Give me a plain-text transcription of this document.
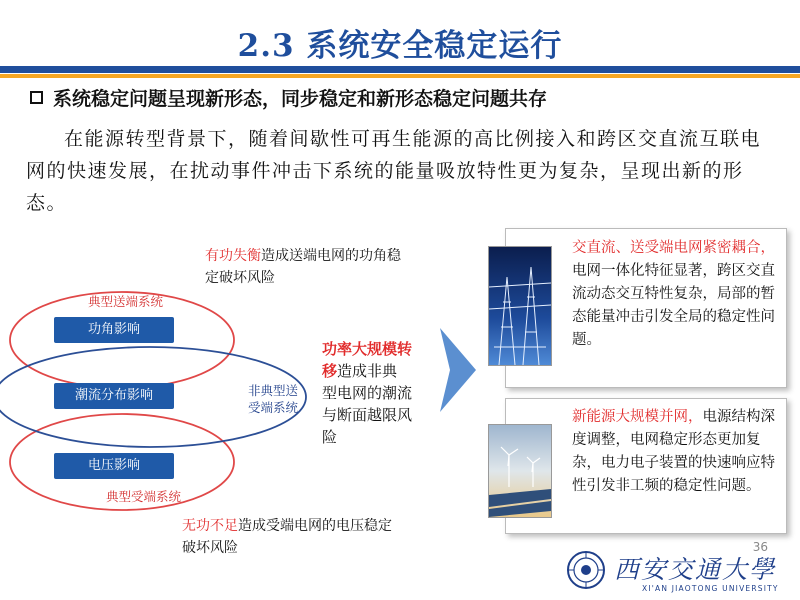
2.3 系统安全稳定运行
系统稳定问题呈现新形态，同步稳定和新形态稳定问题共存
在能源转型背景下，随着间歇性可再生能源的高比例接入和跨区交直流互联电网的快速发展，在扰动事件冲击下系统的能量吸放特性更为复杂，呈现出新的形态。
有功失衡造成送端电网的功角稳定破坏风险
典型送端系统
典型受端系统
非典型送受端系统
功角影响
潮流分布影响
电压影响
无功不足造成受端电网的电压稳定破坏风险
功率大规模转移造成非典型电网的潮流与断面越限风险
交直流、送受端电网紧密耦合，电网一体化特征显著，跨区交直流动态交互特性复杂，局部的暂态能量冲击引发全局的稳定性问题。
新能源大规模并网，电源结构深度调整，电网稳定形态更加复杂，电力电子装置的快速响应特性引发非工频的稳定性问题。
36
西安交通大學
XI'AN JIAOTONG UNIVERSITY
